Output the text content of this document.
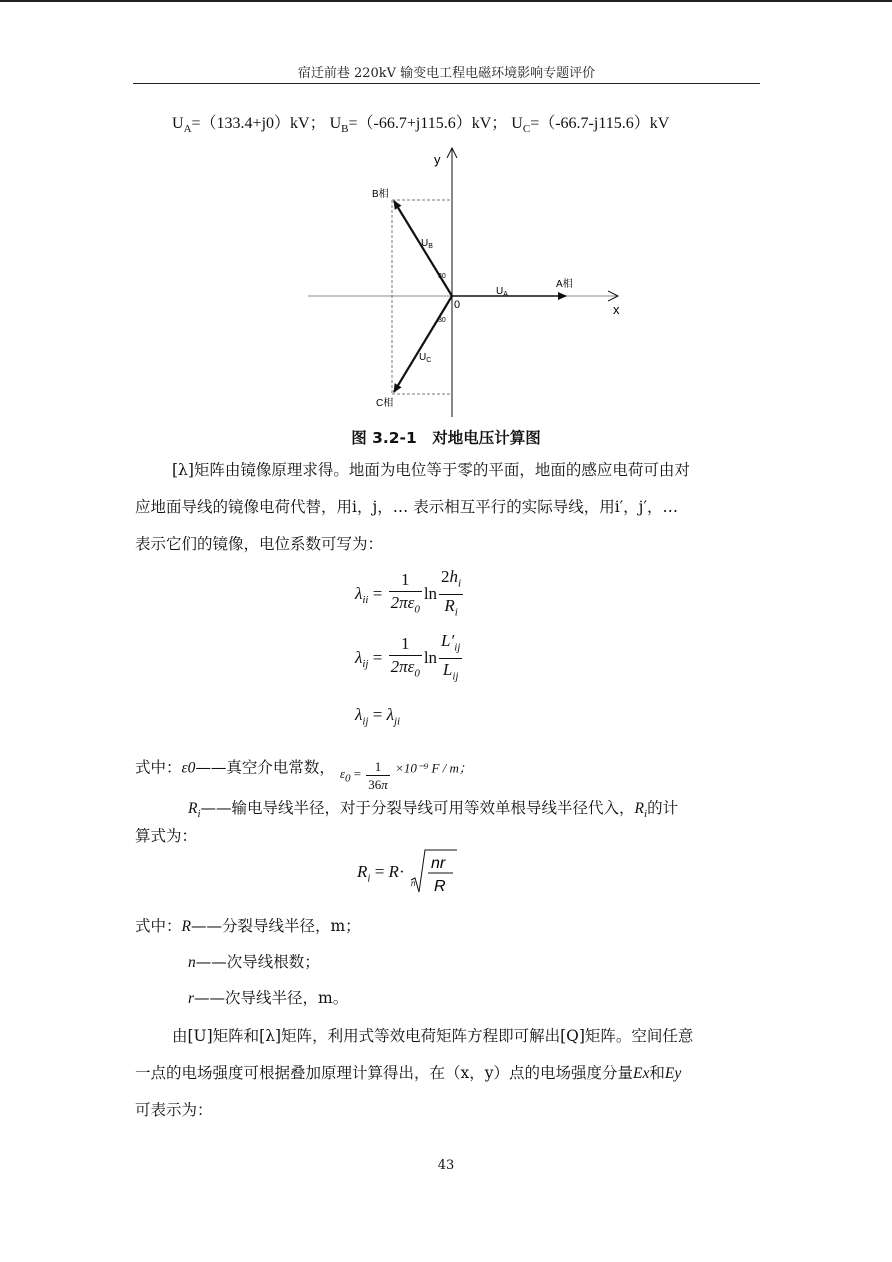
宿迁前巷 220kV 输变电工程电磁环境影响专题评价
$U_A=(133.4+j0)kV$； $U_B=(-66.7+j115.6)kV$； $U_C=(-66.7-j115.6)kV$
y
x
0
A相
B相
C相
$U_A$
$U_B$
$U_C$
30
30
图 3.2-1　对地电压计算图
[λ]矩阵由镜像原理求得。地面为电位等于零的平面，地面的感应电荷可由对
应地面导线的镜像电荷代替，用i，j，… 表示相互平行的实际导线，用i′，j′，…
表示它们的镜像，电位系数可写为：
$\lambda_{ii} = \frac{1}{2\pi\varepsilon_0}$ $\ln \frac{2h_i}{R_i}$
$\lambda_{ij} = \frac{1}{2\pi\varepsilon_0}$ $\ln \frac{L'_{ij}}{L_{ij}}$
$\lambda_{ij} = \lambda_{ji}$
式中：ε0——真空介电常数， $_{\varepsilon_0 = \frac{1}{36\pi}}$ ×10⁻⁹ F / m；
$R_i——$输电导线半径，对于分裂导线可用等效单根导线半径代入，$R_i$的计
算式为：
$R_i = R\cdot$
n
nr
R
式中：R——分裂导线半径，m；
n——次导线根数；
r——次导线半径，m。
由[U]矩阵和[λ]矩阵，利用式等效电荷矩阵方程即可解出[Q]矩阵。空间任意
一点的电场强度可根据叠加原理计算得出，在（x，y）点的电场强度分量Ex和Ey
可表示为：
43
